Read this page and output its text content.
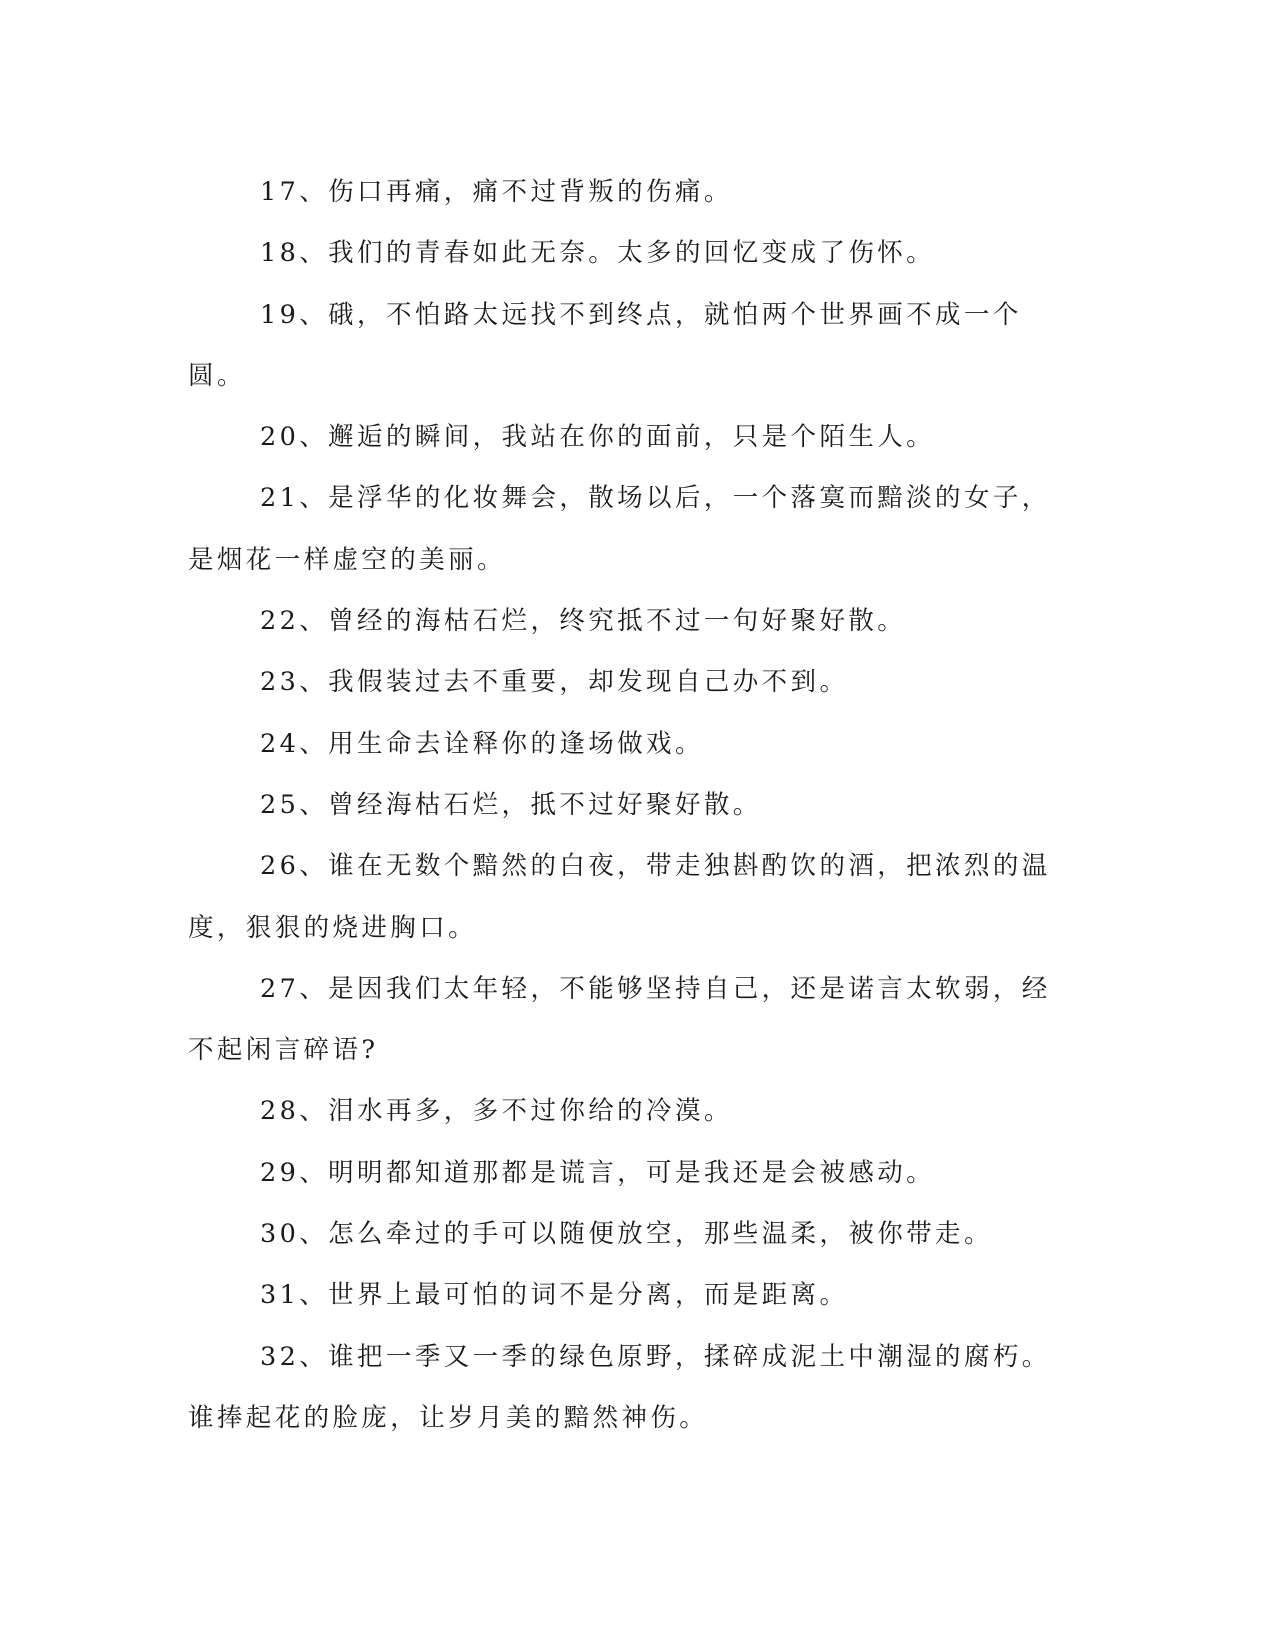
17、伤口再痛，痛不过背叛的伤痛。

18、我们的青春如此无奈。太多的回忆变成了伤怀。

19、硪，不怕路太远找不到终点，就怕两个世界画不成一个圆。

20、邂逅的瞬间，我站在你的面前，只是个陌生人。

21、是浮华的化妆舞会，散场以后，一个落寞而黯淡的女子，是烟花一样虚空的美丽。

22、曾经的海枯石烂，终究抵不过一句好聚好散。

23、我假装过去不重要，却发现自己办不到。

24、用生命去诠释你的逢场做戏。

25、曾经海枯石烂，抵不过好聚好散。

26、谁在无数个黯然的白夜，带走独斟酌饮的酒，把浓烈的温度，狠狠的烧进胸口。

27、是因我们太年轻，不能够坚持自己，还是诺言太软弱，经不起闲言碎语?

28、泪水再多，多不过你给的冷漠。

29、明明都知道那都是谎言，可是我还是会被感动。

30、怎么牵过的手可以随便放空，那些温柔，被你带走。

31、世界上最可怕的词不是分离，而是距离。

32、谁把一季又一季的绿色原野，揉碎成泥土中潮湿的腐朽。谁捧起花的脸庞，让岁月美的黯然神伤。
